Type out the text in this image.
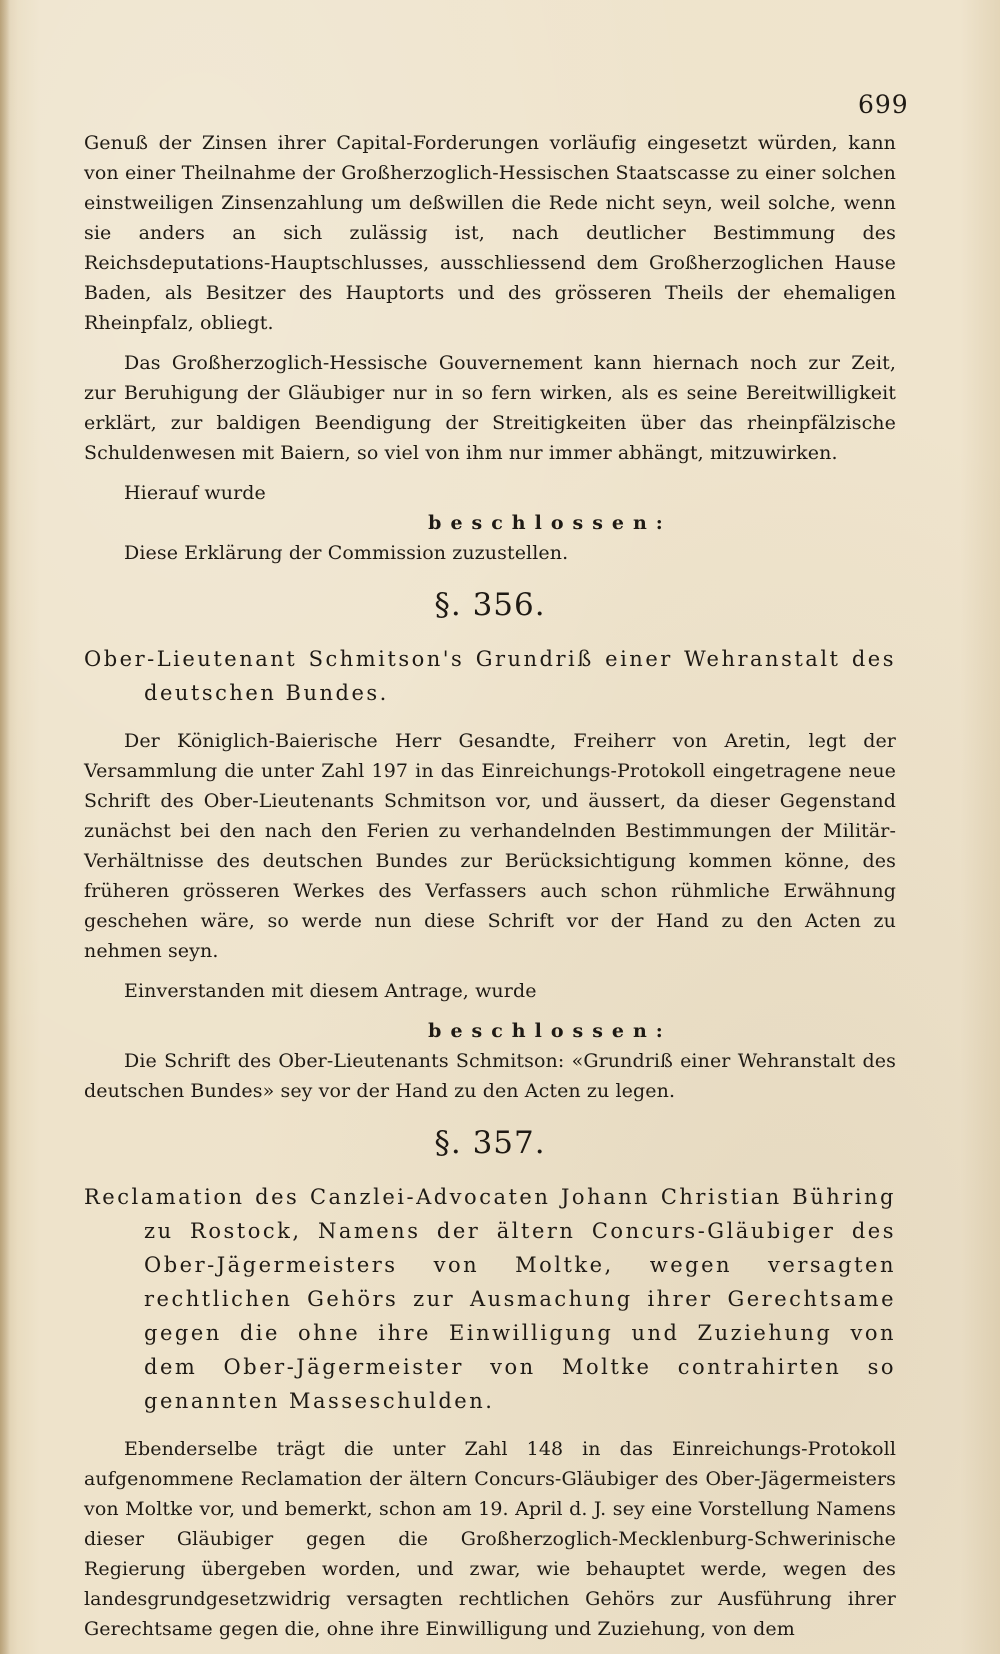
699

Genuß der Zinsen ihrer Capital-Forderungen vorläufig eingesetzt würden, kann von einer Theilnahme der Großherzoglich-Hessischen Staatscasse zu einer solchen einstweiligen Zinsenzahlung um deßwillen die Rede nicht seyn, weil solche, wenn sie anders an sich zulässig ist, nach deutlicher Bestimmung des Reichsdeputations-Hauptschlusses, ausschliessend dem Großherzoglichen Hause Baden, als Besitzer des Hauptorts und des grösseren Theils der ehemaligen Rheinpfalz, obliegt.

Das Großherzoglich-Hessische Gouvernement kann hiernach noch zur Zeit, zur Beruhigung der Gläubiger nur in so fern wirken, als es seine Bereitwilligkeit erklärt, zur baldigen Beendigung der Streitigkeiten über das rheinpfälzische Schuldenwesen mit Baiern, so viel von ihm nur immer abhängt, mitzuwirken.

Hierauf wurde

beschlossen:

Diese Erklärung der Commission zuzustellen.

§. 356.

Ober-Lieutenant Schmitson's Grundriß einer Wehranstalt des deutschen Bundes.

Der Königlich-Baierische Herr Gesandte, Freiherr von Aretin, legt der Versammlung die unter Zahl 197 in das Einreichungs-Protokoll eingetragene neue Schrift des Ober-Lieutenants Schmitson vor, und äussert, da dieser Gegenstand zunächst bei den nach den Ferien zu verhandelnden Bestimmungen der Militär-Verhältnisse des deutschen Bundes zur Berücksichtigung kommen könne, des früheren grösseren Werkes des Verfassers auch schon rühmliche Erwähnung geschehen wäre, so werde nun diese Schrift vor der Hand zu den Acten zu nehmen seyn.

Einverstanden mit diesem Antrage, wurde

beschlossen:

Die Schrift des Ober-Lieutenants Schmitson: «Grundriß einer Wehranstalt des deutschen Bundes» sey vor der Hand zu den Acten zu legen.

§. 357.

Reclamation des Canzlei-Advocaten Johann Christian Bühring zu Rostock, Namens der ältern Concurs-Gläubiger des Ober-Jägermeisters von Moltke, wegen versagten rechtlichen Gehörs zur Ausmachung ihrer Gerechtsame gegen die ohne ihre Einwilligung und Zuziehung von dem Ober-Jägermeister von Moltke contrahirten so genannten Masseschulden.

Ebenderselbe trägt die unter Zahl 148 in das Einreichungs-Protokoll aufgenommene Reclamation der ältern Concurs-Gläubiger des Ober-Jägermeisters von Moltke vor, und bemerkt, schon am 19. April d. J. sey eine Vorstellung Namens dieser Gläubiger gegen die Großherzoglich-Mecklenburg-Schwerinische Regierung übergeben worden, und zwar, wie behauptet werde, wegen des landesgrundgesetzwidrig versagten rechtlichen Gehörs zur Ausführung ihrer Gerechtsame gegen die, ohne ihre Einwilligung und Zuziehung, von dem
